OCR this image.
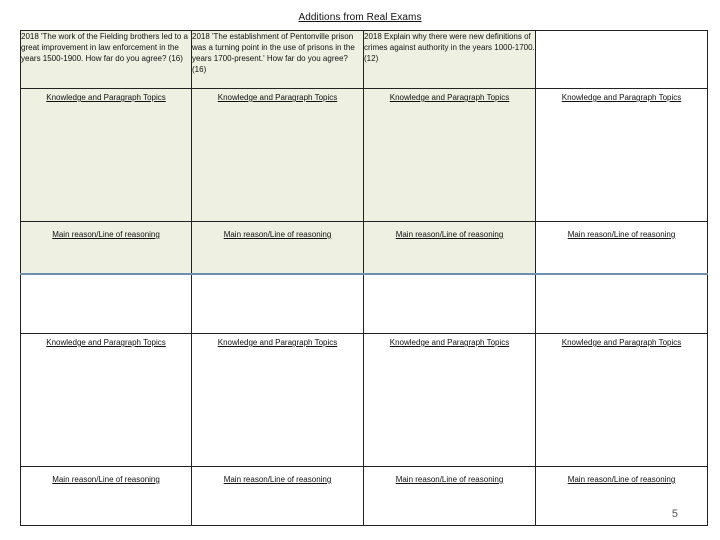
Additions from Real Exams
2018 'The work of the Fielding brothers led to a great improvement in law enforcement in the years 1500-1900. How far do you agree? (16)	2018 'The establishment of Pentonville prison was a turning point in the use of prisons in the years 1700-present.' How far do you agree? (16)	2018 Explain why there were new definitions of crimes against authority in the years 1000-1700. (12)	

Knowledge and Paragraph Topics	Knowledge and Paragraph Topics	Knowledge and Paragraph Topics	Knowledge and Paragraph Topics

Main reason/Line of reasoning	Main reason/Line of reasoning	Main reason/Line of reasoning	Main reason/Line of reasoning

Knowledge and Paragraph Topics	Knowledge and Paragraph Topics	Knowledge and Paragraph Topics	Knowledge and Paragraph Topics

Main reason/Line of reasoning	Main reason/Line of reasoning	Main reason/Line of reasoning	Main reason/Line of reasoning
5
